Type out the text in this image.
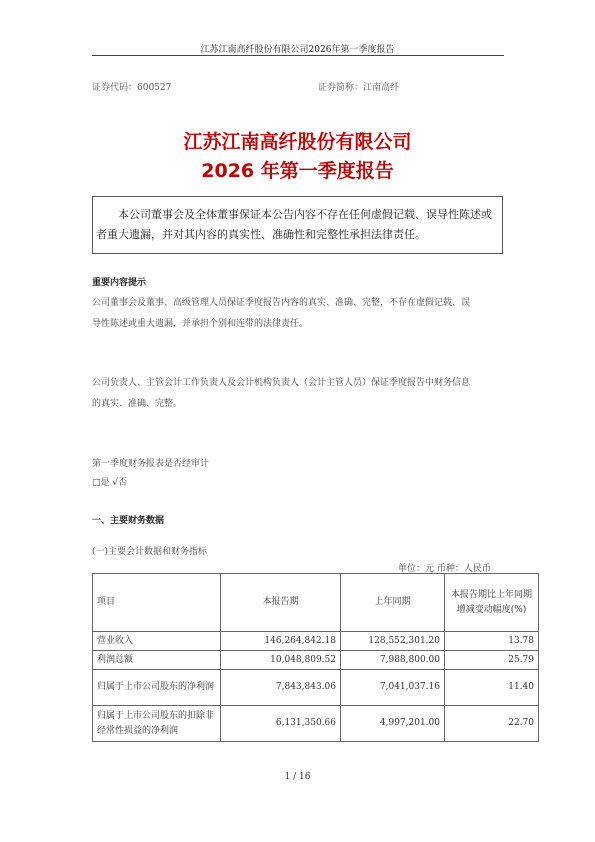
江苏江南高纤股份有限公司2026年第一季度报告
证券代码：600527	证券简称：江南高纤
江苏江南高纤股份有限公司
2026 年第一季度报告

本公司董事会及全体董事保证本公告内容不存在任何虚假记载、误导性陈述或

者重大遗漏，并对其内容的真实性、准确性和完整性承担法律责任。

重要内容提示

公司董事会及董事、高级管理人员保证季度报告内容的真实、准确、完整，不存在虚假记载、误

导性陈述或重大遗漏，并承担个别和连带的法律责任。

公司负责人、主管会计工作负责人及会计机构负责人（会计主管人员）保证季度报告中财务信息

的真实、准确、完整。

第一季度财务报表是否经审计
□是 √否
一、主要财务数据
(一)主要会计数据和财务指标
单位：元 币种：人民币
项目	本报告期	上年同期	本报告期比上年同期增减变动幅度(%)
营业收入	146,264,842.18	128,552,301.20	13.78
利润总额	10,048,809.52	7,988,800.00	25.79
归属于上市公司股东的净利润	7,843,843.06	7,041,037.16	11.40
归属于上市公司股东的扣除非经常性损益的净利润	6,131,350.66	4,997,201.00	22.70
1 / 16
